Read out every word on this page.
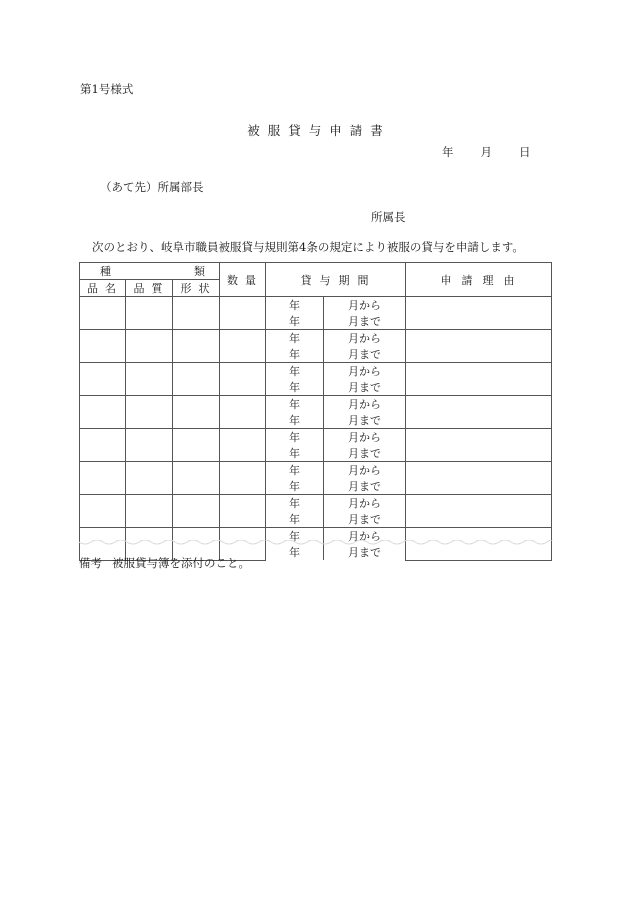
第1号様式
被服貸与申請書
年 月 日
（あて先）所属部長
所属長
次のとおり、岐阜市職員被服貸与規則第4条の規定により被服の貸与を申請します。
種 類			数量	貸与期間		申請理由
品名	品質	形状				
				年	月から	
				年	月まで	
				年	月から	
				年	月まで	
				年	月から	
				年	月まで	
				年	月から	
				年	月まで	
				年	月から	
				年	月まで	
				年	月から	
				年	月まで	
				年	月から	
				年	月まで	
				年	月から	
				年	月まで	
備考 被服貸与簿を添付のこと。
